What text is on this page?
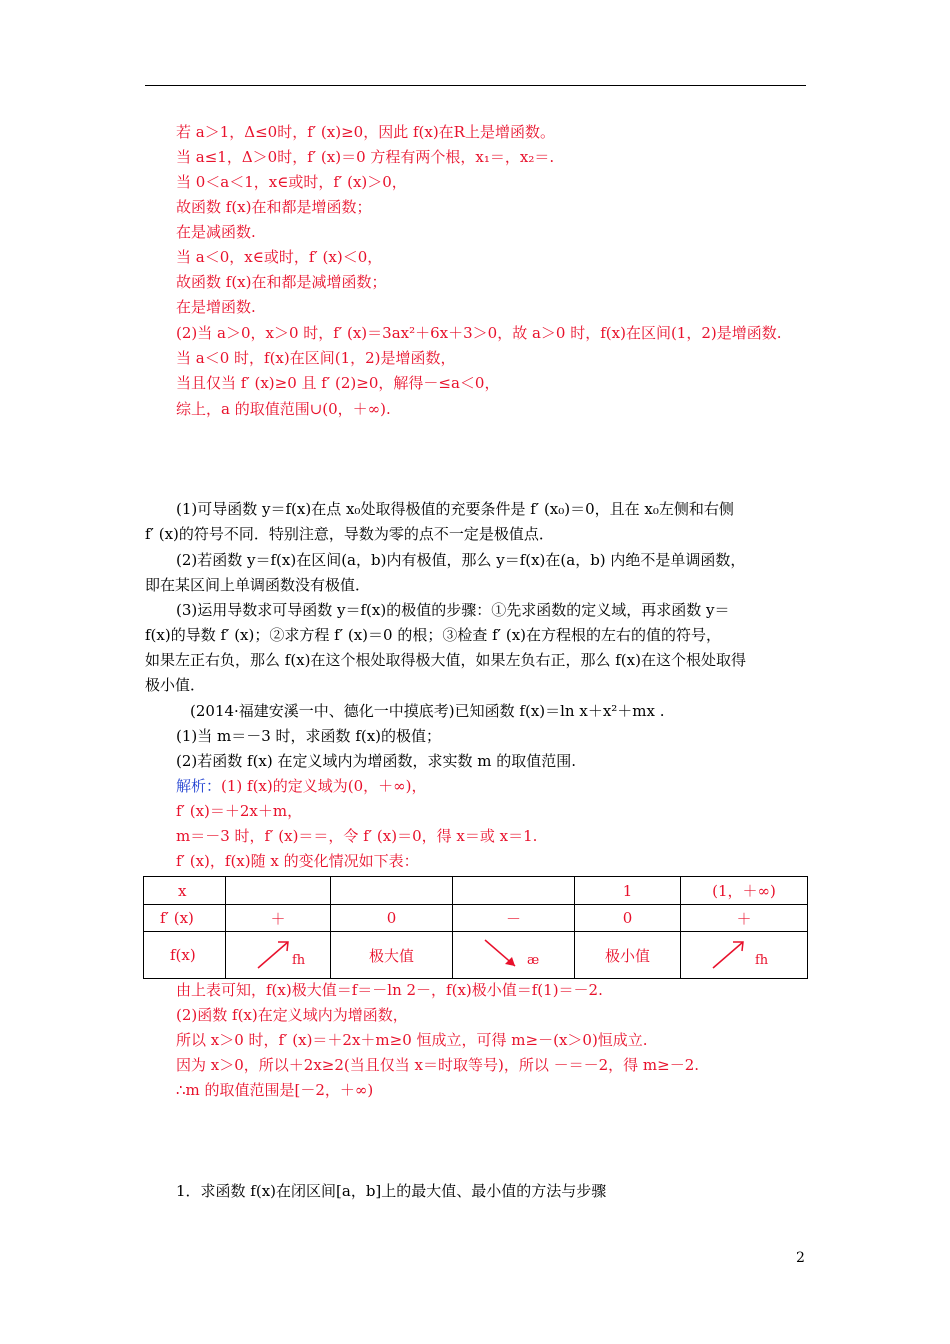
若 a＞1，Δ≤0时，f′ (x)≥0，因此 f(x)在R上是增函数。
当 a≤1，Δ＞0时，f′ (x)＝0 方程有两个根，x₁＝，x₂＝.
当 0＜a＜1，x∈或时，f′ (x)＞0，
故函数 f(x)在和都是增函数；
在是减函数.
当 a＜0，x∈或时，f′ (x)＜0，
故函数 f(x)在和都是减增函数；
在是增函数.
(2)当 a＞0，x＞0 时，f′ (x)＝3ax²＋6x＋3＞0，故 a＞0 时，f(x)在区间(1，2)是增函数.
当 a＜0 时，f(x)在区间(1，2)是增函数，
当且仅当 f′ (x)≥0 且 f′ (2)≥0，解得－≤a＜0，
综上，a 的取值范围∪(0，＋∞).
(1)可导函数 y＝f(x)在点 x₀处取得极值的充要条件是 f′ (x₀)＝0，且在 x₀左侧和右侧
f′ (x)的符号不同．特别注意，导数为零的点不一定是极值点．
(2)若函数 y＝f(x)在区间(a，b)内有极值，那么 y＝f(x)在(a，b) 内绝不是单调函数，
即在某区间上单调函数没有极值．
(3)运用导数求可导函数 y＝f(x)的极值的步骤：①先求函数的定义域，再求函数 y＝
f(x)的导数 f′ (x)；②求方程 f′ (x)＝0 的根；③检查 f′ (x)在方程根的左右的值的符号，
如果左正右负，那么 f(x)在这个根处取得极大值，如果左负右正，那么 f(x)在这个根处取得
极小值．
(2014·福建安溪一中、德化一中摸底考)已知函数 f(x)＝ln x＋x²＋mx .
(1)当 m＝－3 时，求函数 f(x)的极值；
(2)若函数 f(x) 在定义域内为增函数，求实数 m 的取值范围.
解析：(1) f(x)的定义域为(0，＋∞)，
f′ (x)＝＋2x＋m，
m＝－3 时，f′ (x)＝＝，令 f′ (x)＝0，得 x＝或 x＝1.
f′ (x)，f(x)随 x 的变化情况如下表：
x				1	(1，＋∞)
f′ (x)	＋	0	－	0	＋
f(x)	fh	极大值	æ	极小值	fh
由上表可知，f(x)极大值＝f＝－ln 2－，f(x)极小值＝f(1)＝－2.
(2)函数 f(x)在定义域内为增函数，
所以 x＞0 时，f′ (x)＝＋2x＋m≥0 恒成立，可得 m≥－(x＞0)恒成立.
因为 x＞0，所以＋2x≥2(当且仅当 x＝时取等号)，所以 －＝－2，得 m≥－2.
∴m 的取值范围是[－2，＋∞)
1．求函数 f(x)在闭区间[a，b]上的最大值、最小值的方法与步骤
2
